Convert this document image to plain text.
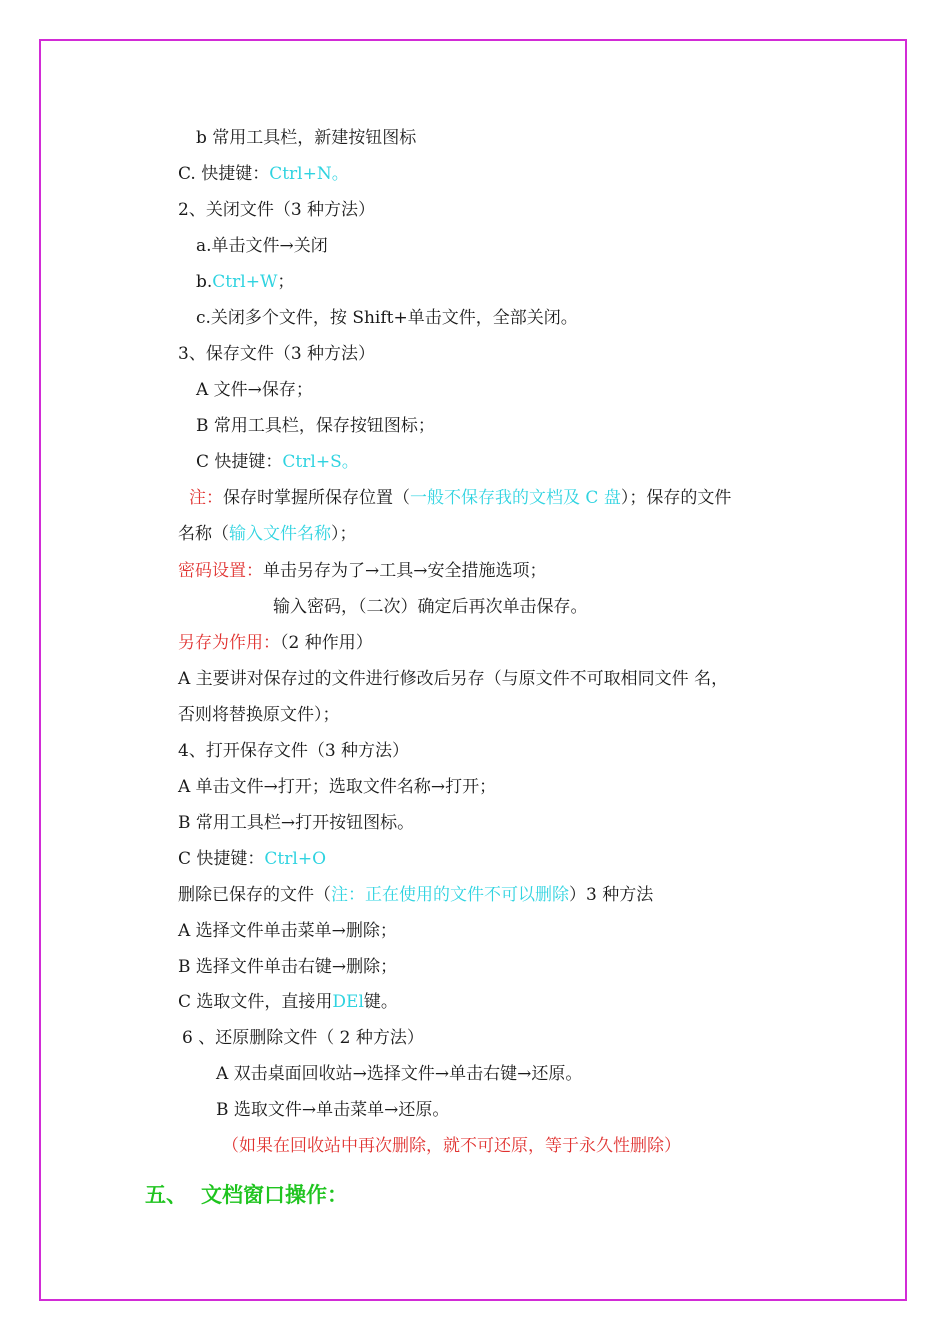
b 常用工具栏，新建按钮图标
C. 快捷键：Ctrl+N。
2、关闭文件（3 种方法）
a.单击文件→关闭
b.Ctrl+W；
c.关闭多个文件，按 Shift+单击文件，全部关闭。
3、保存文件（3 种方法）
A 文件→保存；
B 常用工具栏，保存按钮图标；
C 快捷键：Ctrl+S。
注：保存时掌握所保存位置（一般不保存我的文档及 C 盘）；保存的文件
名称（输入文件名称）；
密码设置：单击另存为了→工具→安全措施选项；
输入密码，（二次）确定后再次单击保存。
另存为作用：（2 种作用）
A 主要讲对保存过的文件进行修改后另存（与原文件不可取相同文件 名，
否则将替换原文件）；
4、打开保存文件（3 种方法）
A 单击文件→打开；选取文件名称→打开；
B 常用工具栏→打开按钮图标。
C 快捷键：Ctrl+O
删除已保存的文件（注：正在使用的文件不可以删除）3 种方法
A 选择文件单击菜单→删除；
B 选择文件单击右键→删除；
C 选取文件，直接用DEl键。
6 、还原删除文件（ 2 种方法）
A 双击桌面回收站→选择文件→单击右键→还原。
B 选取文件→单击菜单→还原。
（如果在回收站中再次删除，就不可还原，等于永久性删除）
五、 文档窗口操作：
